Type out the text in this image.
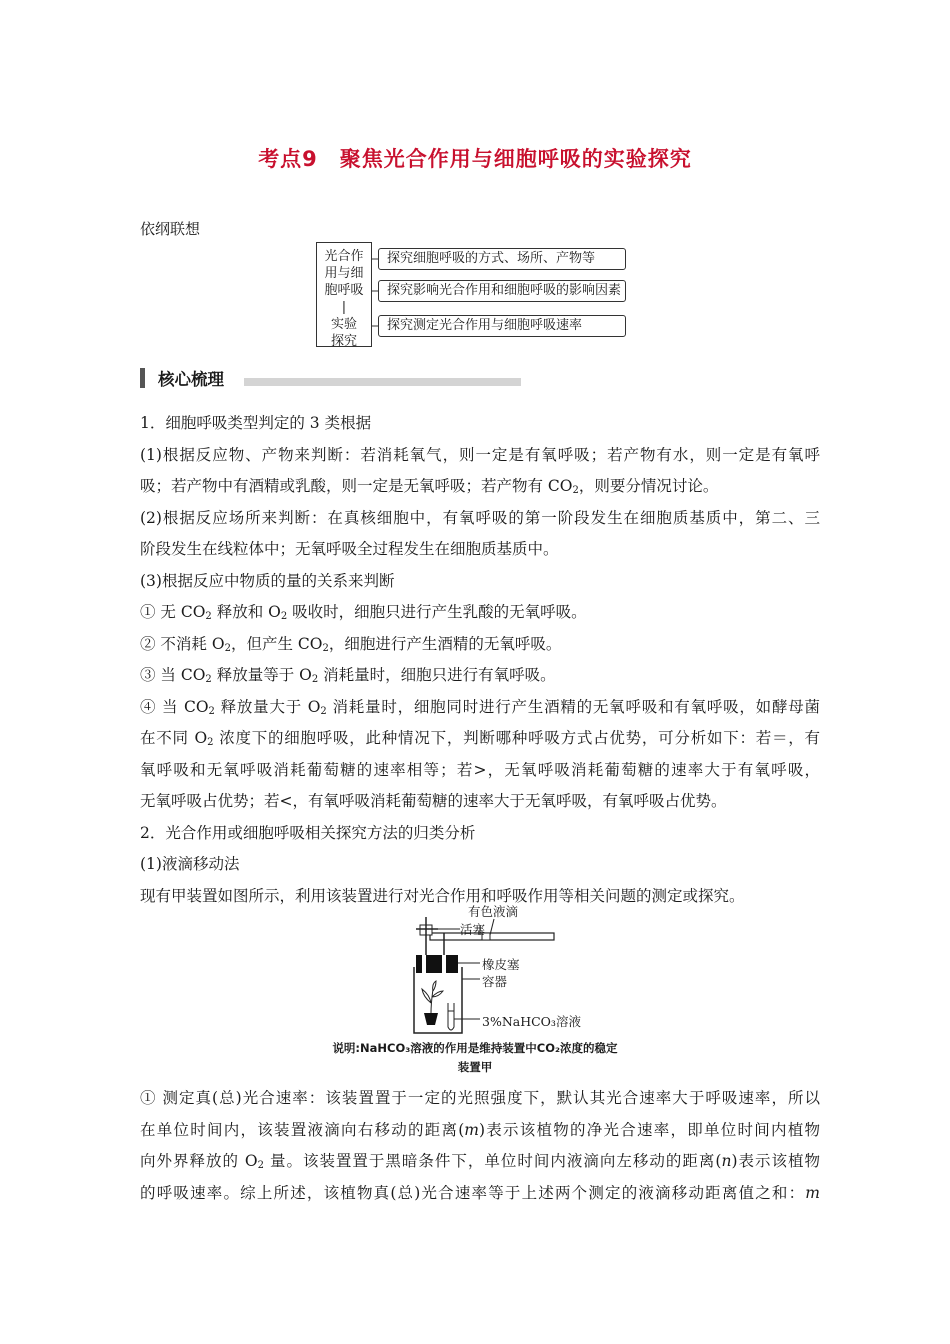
考点9　聚焦光合作用与细胞呼吸的实验探究
依纲联想
光合作
用与细
胞呼吸
|
实验
探究
探究细胞呼吸的方式、场所、产物等
探究影响光合作用和细胞呼吸的影响因素
探究测定光合作用与细胞呼吸速率
核心梳理
1．细胞呼吸类型判定的 3 类根据
(1)根据反应物、产物来判断：若消耗氧气，则一定是有氧呼吸；若产物有水，则一定是有氧呼
吸；若产物中有酒精或乳酸，则一定是无氧呼吸；若产物有 $CO_2$，则要分情况讨论。
(2)根据反应场所来判断：在真核细胞中，有氧呼吸的第一阶段发生在细胞质基质中，第二、三
阶段发生在线粒体中；无氧呼吸全过程发生在细胞质基质中。
(3)根据反应中物质的量的关系来判断
① 无 $CO_2$ 释放和 $O_2$ 吸收时，细胞只进行产生乳酸的无氧呼吸。
② 不消耗 $O_2$，但产生 $CO_2$，细胞进行产生酒精的无氧呼吸。
③ 当 $CO_2$ 释放量等于 $O_2$ 消耗量时，细胞只进行有氧呼吸。
④ 当 $CO_2$ 释放量大于 $O_2$ 消耗量时，细胞同时进行产生酒精的无氧呼吸和有氧呼吸，如酵母菌
在不同 $O_2$ 浓度下的细胞呼吸，此种情况下，判断哪种呼吸方式占优势，可分析如下：若＝，有
氧呼吸和无氧呼吸消耗葡萄糖的速率相等；若>，无氧呼吸消耗葡萄糖的速率大于有氧呼吸，
无氧呼吸占优势；若<，有氧呼吸消耗葡萄糖的速率大于无氧呼吸，有氧呼吸占优势。
2．光合作用或细胞呼吸相关探究方法的归类分析
(1)液滴移动法
现有甲装置如图所示，利用该装置进行对光合作用和呼吸作用等相关问题的测定或探究。
有色液滴
活塞
橡皮塞
容器
3%NaHCO₃溶液
说明:NaHCO₃溶液的作用是维持装置中CO₂浓度的稳定
装置甲
① 测定真(总)光合速率：该装置置于一定的光照强度下，默认其光合速率大于呼吸速率，所以
在单位时间内，该装置液滴向右移动的距离(m)表示该植物的净光合速率，即单位时间内植物
向外界释放的 $O_2$ 量。该装置置于黑暗条件下，单位时间内液滴向左移动的距离(n)表示该植物
的呼吸速率。综上所述，该植物真(总)光合速率等于上述两个测定的液滴移动距离值之和：m
